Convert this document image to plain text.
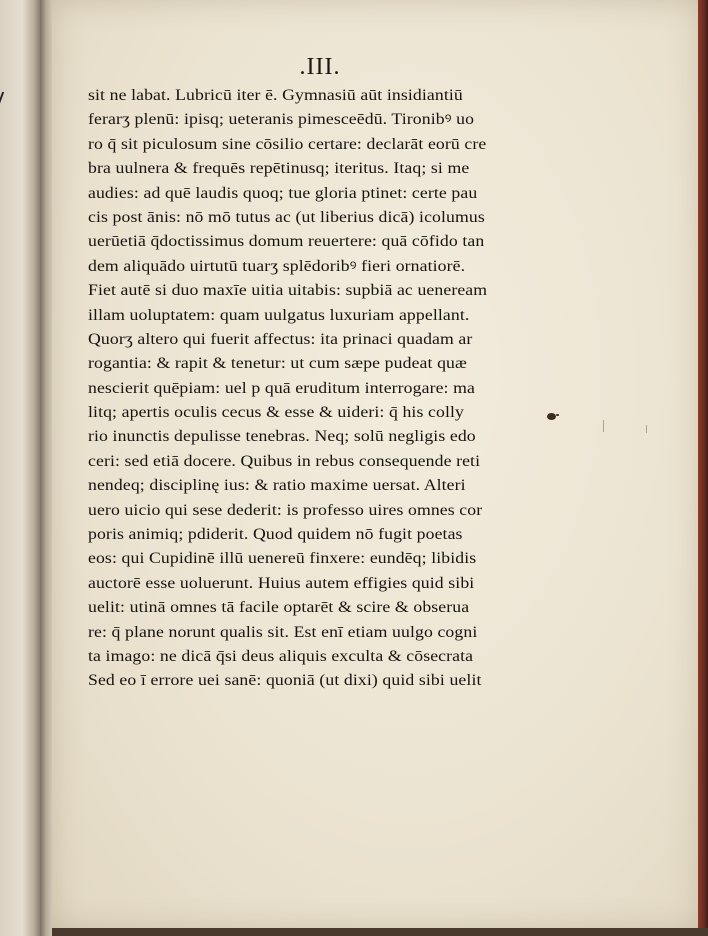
.III.
sit ne labat. Lubricū iter ē. Gymnasiū aūt insidiantiū
ferarʒ plenū: ipisq; ueteranis pimesceēdū. Tironibꝰ uo
ro q̄ sit piculosum sine cōsilio certare: declarāt eorū cre
bra uulnera & frequēs repētinusq; iteritus. Itaq; si me
audies: ad quē laudis quoq; tue gloria ptinet: certe pau
cis post ānis: nō mō tutus ac (ut liberius dicā) icolumus
uerūetiā q̄doctissimus domum reuertere: quā cōfido tan
dem aliquādo uirtutū tuarʒ splēdoribꝰ fieri ornatiorē.
Fiet autē si duo maxīe uitia uitabis: supbiā ac ueneream
illam uoluptatem: quam uulgatus luxuriam appellant.
Quorʒ altero qui fuerit affectus: ita prinaci quadam ar
rogantia: & rapit & tenetur: ut cum sæpe pudeat quæ
nescierit quēpiam: uel p quā eruditum interrogare: ma
litq; apertis oculis cecus & esse & uideri: q̄ his colly
rio inunctis depulisse tenebras. Neq; solū negligis edo
ceri: sed etiā docere. Quibus in rebus consequende reti
nendeq; disciplinę ius: & ratio maxime uersat. Alteri
uero uicio qui sese dederit: is professo uires omnes cor
poris animiq; pdiderit. Quod quidem nō fugit poetas
eos: qui Cupidinē illū uenereū finxere: eundēq; libidis
auctorē esse uoluerunt. Huius autem effigies quid sibi
uelit: utinā omnes tā facile optarēt & scire & obserua
re: q̄ plane norunt qualis sit. Est enī etiam uulgo cogni
ta imago: ne dicā q̄si deus aliquis exculta & cōsecrata
Sed eo ī errore uei sanē: quoniā (ut dixi) quid sibi uelit
